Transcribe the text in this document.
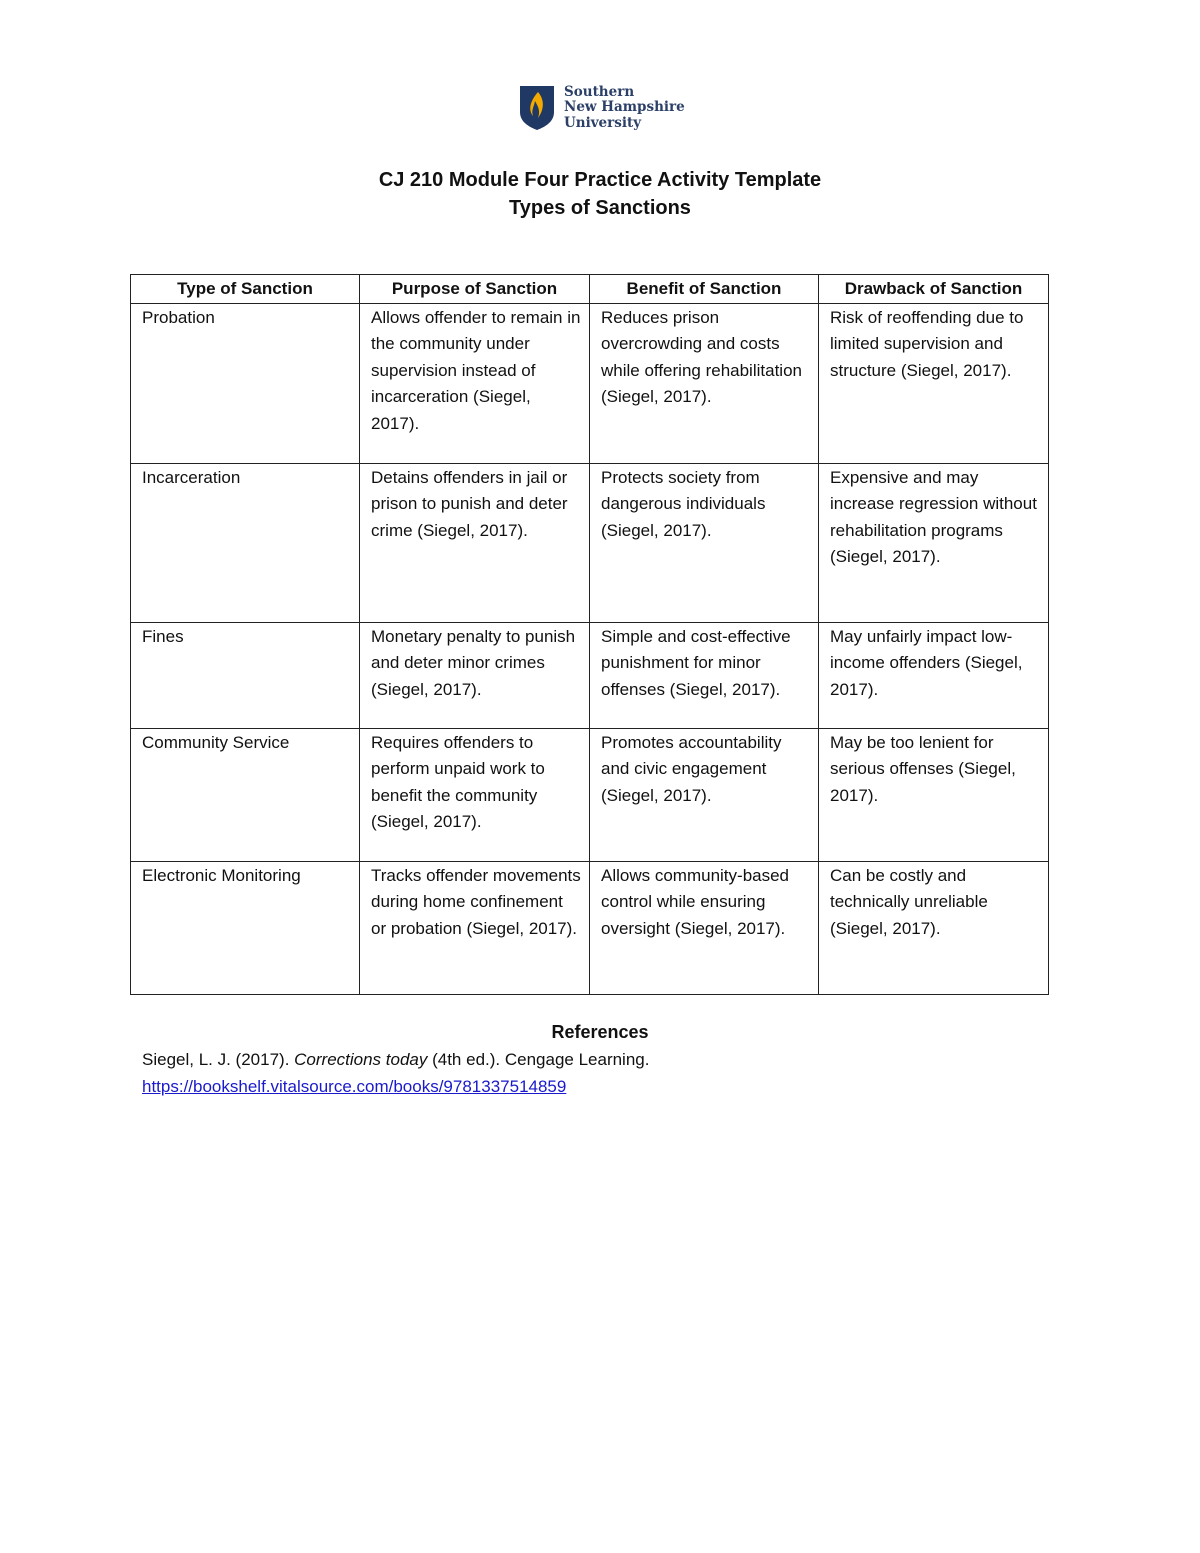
Southern
New Hampshire
University
CJ 210 Module Four Practice Activity Template
Types of Sanctions
Type of Sanction	Purpose of Sanction	Benefit of Sanction	Drawback of Sanction
Probation	Allows offender to remain in the community under supervision instead of incarceration (Siegel, 2017).	Reduces prison overcrowding and costs while offering rehabilitation (Siegel, 2017).	Risk of reoffending due to limited supervision and structure (Siegel, 2017).
Incarceration	Detains offenders in jail or prison to punish and deter crime (Siegel, 2017).	Protects society from dangerous individuals (Siegel, 2017).	Expensive and may increase regression without rehabilitation programs (Siegel, 2017).
Fines	Monetary penalty to punish and deter minor crimes (Siegel, 2017).	Simple and cost-effective punishment for minor offenses (Siegel, 2017).	May unfairly impact low-income offenders (Siegel, 2017).
Community Service	Requires offenders to perform unpaid work to benefit the community (Siegel, 2017).	Promotes accountability and civic engagement (Siegel, 2017).	May be too lenient for serious offenses (Siegel, 2017).
Electronic Monitoring	Tracks offender movements during home confinement or probation (Siegel, 2017).	Allows community-based control while ensuring oversight (Siegel, 2017).	Can be costly and technically unreliable (Siegel, 2017).
References
Siegel, L. J. (2017). Corrections today (4th ed.). Cengage Learning.
https://bookshelf.vitalsource.com/books/9781337514859
